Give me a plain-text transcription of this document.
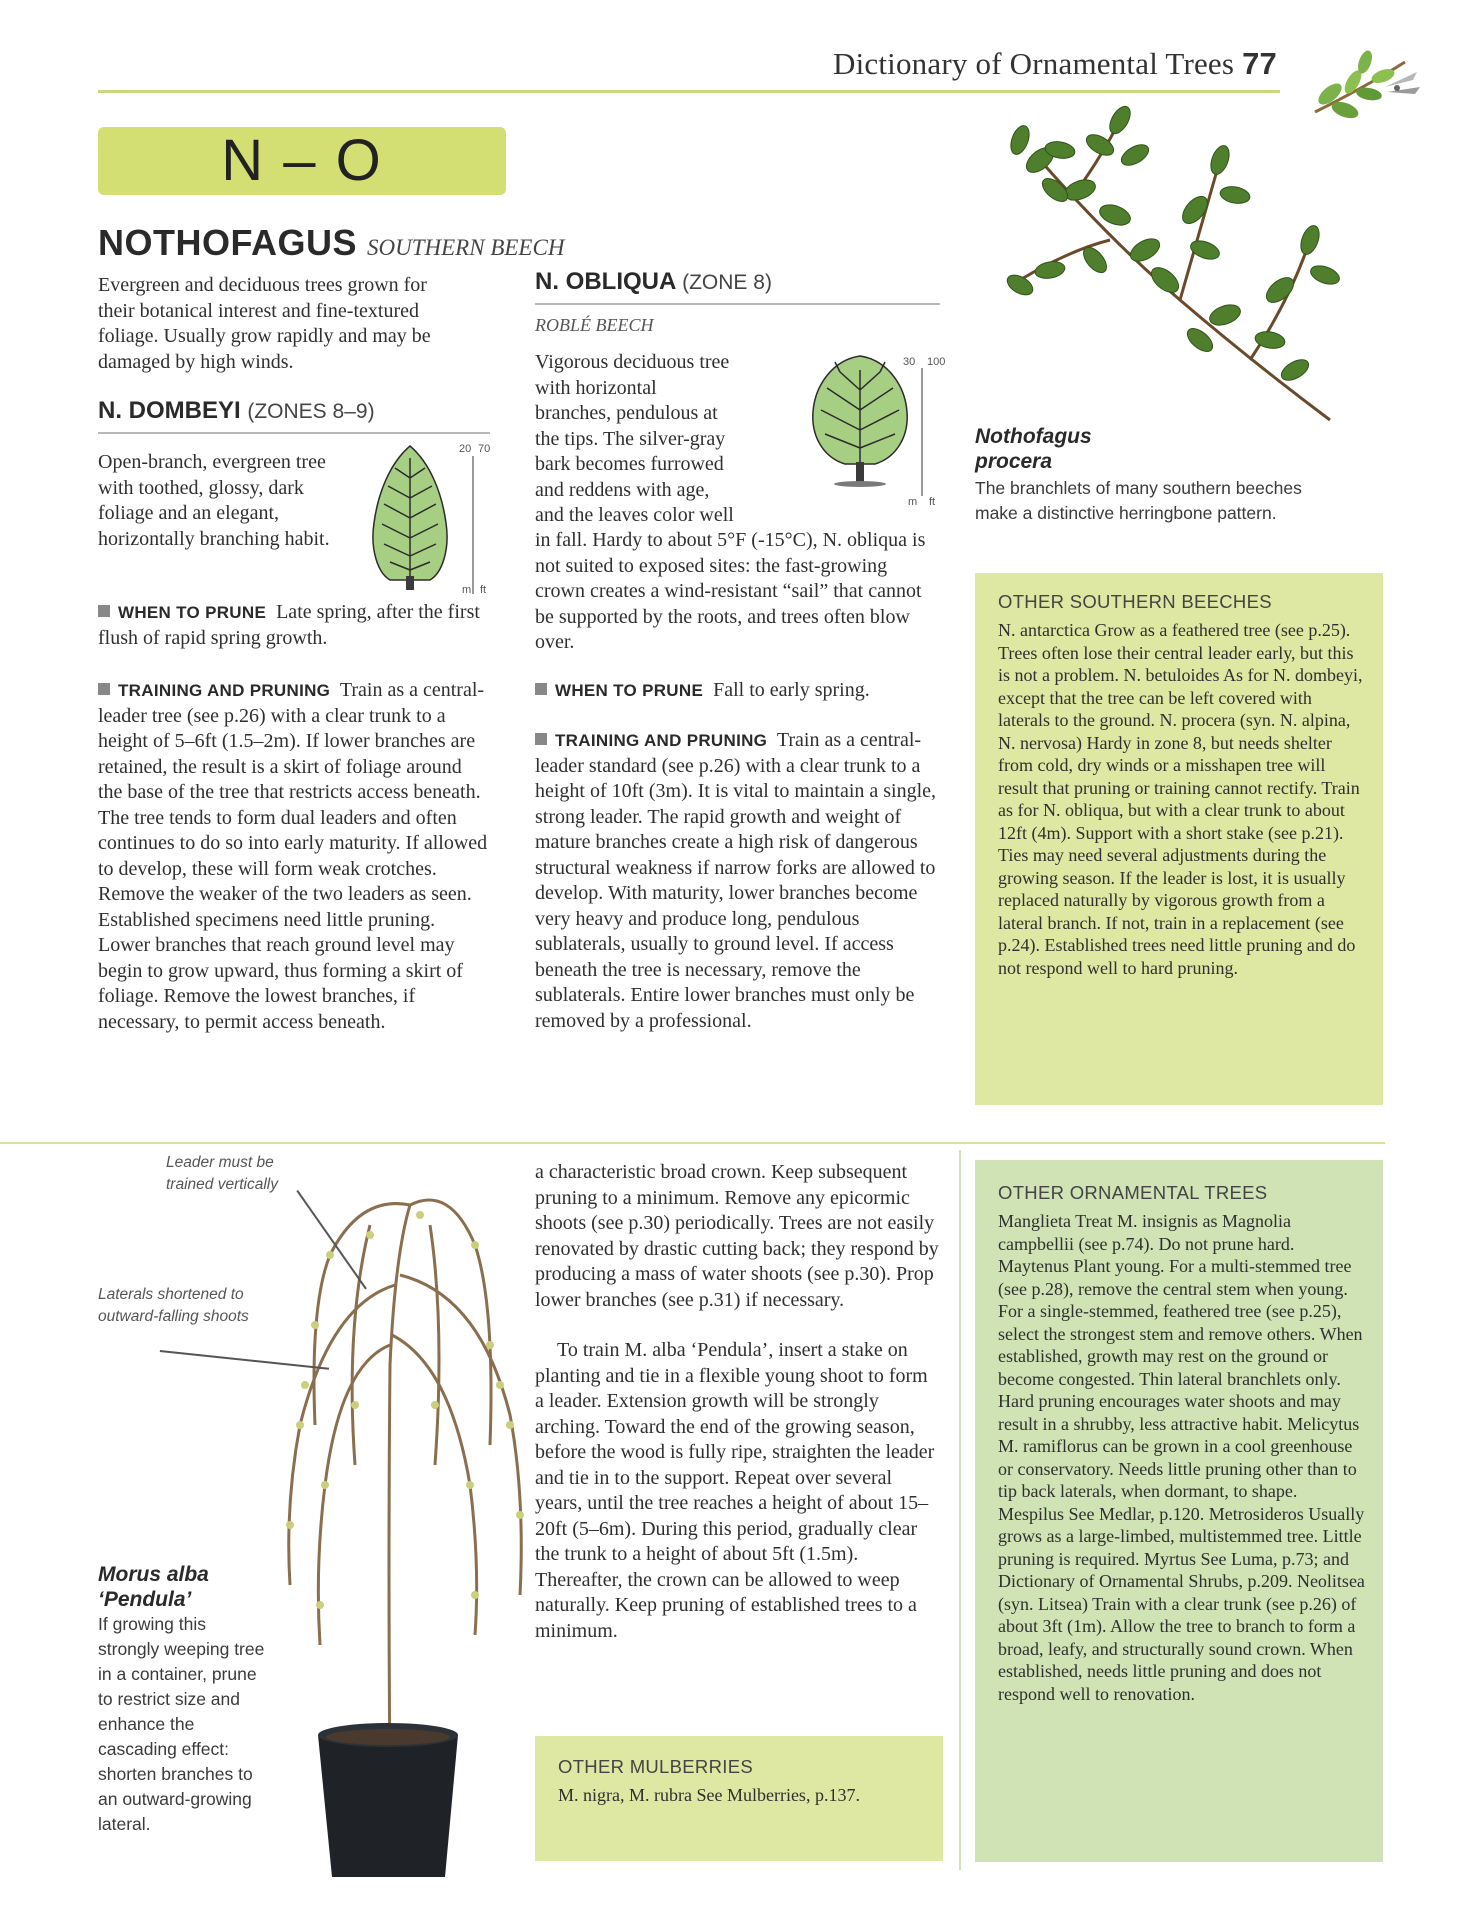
Dictionary of Ornamental Trees 77
N – O
NOTHOFAGUS SOUTHERN BEECH
Evergreen and deciduous trees grown for their botanical interest and fine-textured foliage. Usually grow rapidly and may be damaged by high winds.
N. DOMBEYI (ZONES 8–9)
Open-branch, evergreen tree with toothed, glossy, dark foliage and an elegant, horizontally branching habit.
20 70
m ft
WHEN TO PRUNE Late spring, after the first flush of rapid spring growth.
TRAINING AND PRUNING Train as a central-leader tree (see p.26) with a clear trunk to a height of 5–6ft (1.5–2m). If lower branches are retained, the result is a skirt of foliage around the base of the tree that restricts access beneath. The tree tends to form dual leaders and often continues to do so into early maturity. If allowed to develop, these will form weak crotches. Remove the weaker of the two leaders as seen. Established specimens need little pruning. Lower branches that reach ground level may begin to grow upward, thus forming a skirt of foliage. Remove the lowest branches, if necessary, to permit access beneath.
N. OBLIQUA (ZONE 8)
ROBLÉ BEECH
Vigorous deciduous tree
with horizontal
branches, pendulous at
the tips. The silver-gray
bark becomes furrowed
and reddens with age,
and the leaves color well
in fall. Hardy to about 5°F (-15°C), N. obliqua is not suited to exposed sites: the fast-growing crown creates a wind-resistant “sail” that cannot be supported by the roots, and trees often blow over.
30 100
m ft
WHEN TO PRUNE Fall to early spring.
TRAINING AND PRUNING Train as a central-leader standard (see p.26) with a clear trunk to a height of 10ft (3m). It is vital to maintain a single, strong leader. The rapid growth and weight of mature branches create a high risk of dangerous structural weakness if narrow forks are allowed to develop. With maturity, lower branches become very heavy and produce long, pendulous sublaterals, usually to ground level. If access beneath the tree is necessary, remove the sublaterals. Entire lower branches must only be removed by a professional.
Nothofagus
procera
The branchlets of many southern beeches make a distinctive herringbone pattern.
OTHER SOUTHERN BEECHES
N. antarctica Grow as a feathered tree (see p.25). Trees often lose their central leader early, but this is not a problem. N. betuloides As for N. dombeyi, except that the tree can be left covered with laterals to the ground. N. procera (syn. N. alpina, N. nervosa) Hardy in zone 8, but needs shelter from cold, dry winds or a misshapen tree will result that pruning or training cannot rectify. Train as for N. obliqua, but with a clear trunk to about 12ft (4m). Support with a short stake (see p.21). Ties may need several adjustments during the growing season. If the leader is lost, it is usually replaced naturally by vigorous growth from a lateral branch. If not, train in a replacement (see p.24). Established trees need little pruning and do not respond well to hard pruning.
Leader must be trained vertically
Laterals shortened to outward-falling shoots
Morus alba
‘Pendula’
If growing this strongly weeping tree in a container, prune to restrict size and enhance the cascading effect: shorten branches to an outward-growing lateral.
a characteristic broad crown. Keep subsequent pruning to a minimum. Remove any epicormic shoots (see p.30) periodically. Trees are not easily renovated by drastic cutting back; they respond by producing a mass of water shoots (see p.30). Prop lower branches (see p.31) if necessary.
To train M. alba ‘Pendula’, insert a stake on planting and tie in a flexible young shoot to form a leader. Extension growth will be strongly arching. Toward the end of the growing season, before the wood is fully ripe, straighten the leader and tie in to the support. Repeat over several years, until the tree reaches a height of about 15–20ft (5–6m). During this period, gradually clear the trunk to a height of about 5ft (1.5m). Thereafter, the crown can be allowed to weep naturally. Keep pruning of established trees to a minimum.
OTHER MULBERRIES
M. nigra, M. rubra See Mulberries, p.137.
OTHER ORNAMENTAL TREES
Manglieta Treat M. insignis as Magnolia campbellii (see p.74). Do not prune hard. Maytenus Plant young. For a multi-stemmed tree (see p.28), remove the central stem when young. For a single-stemmed, feathered tree (see p.25), select the strongest stem and remove others. When established, growth may rest on the ground or become congested. Thin lateral branchlets only. Hard pruning encourages water shoots and may result in a shrubby, less attractive habit. Melicytus M. ramiflorus can be grown in a cool greenhouse or conservatory. Needs little pruning other than to tip back laterals, when dormant, to shape. Mespilus See Medlar, p.120. Metrosideros Usually grows as a large-limbed, multistemmed tree. Little pruning is required. Myrtus See Luma, p.73; and Dictionary of Ornamental Shrubs, p.209. Neolitsea (syn. Litsea) Train with a clear trunk (see p.26) of about 3ft (1m). Allow the tree to branch to form a broad, leafy, and structurally sound crown. When established, needs little pruning and does not respond well to renovation.
